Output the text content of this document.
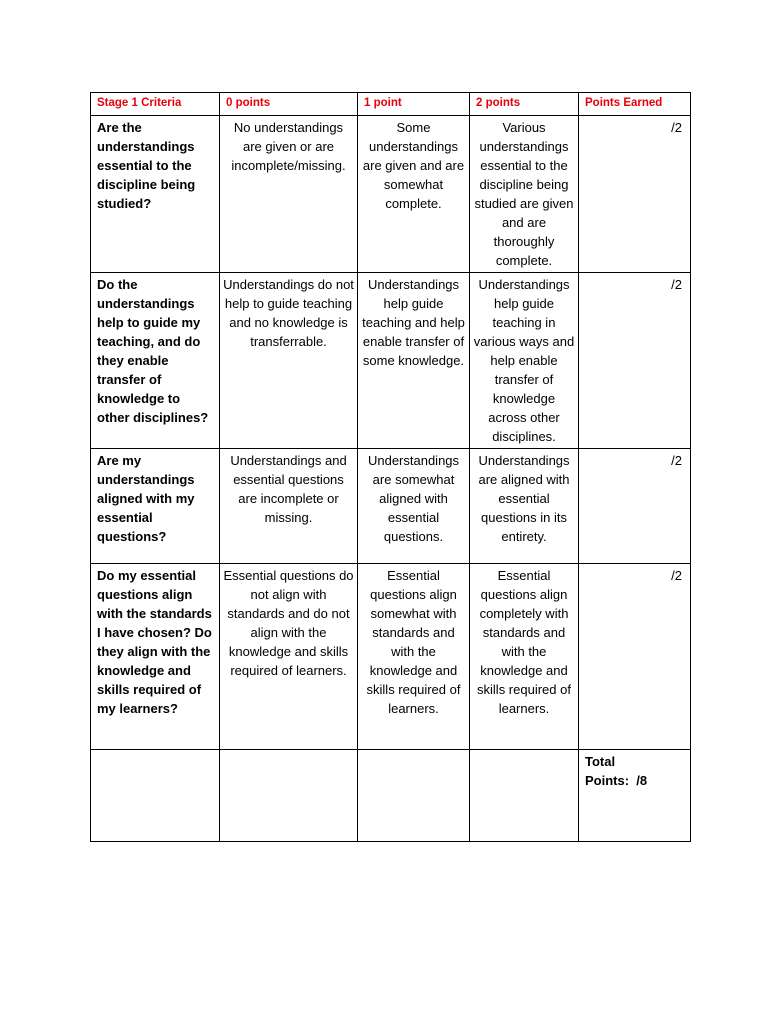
Stage 1 Criteria	0 points	1 point	2 points	Points Earned
Are the understandings essential to the discipline being studied?	No understandings are given or are incomplete/missing.	Some understandings are given and are somewhat complete.	Various understandings essential to the discipline being studied are given and are thoroughly complete.	/2
Do the understandings help to guide my teaching, and do they enable transfer of knowledge to other disciplines?	Understandings do not help to guide teaching and no knowledge is transferrable.	Understandings help guide teaching and help enable transfer of some knowledge.	Understandings help guide teaching in various ways and help enable transfer of knowledge across other disciplines.	/2
Are my understandings aligned with my essential questions?	Understandings and essential questions are incomplete or missing.	Understandings are somewhat aligned with essential questions.	Understandings are aligned with essential questions in its entirety.	/2
Do my essential questions align with the standards I have chosen? Do they align with the knowledge and skills required of my learners?	Essential questions do not align with standards and do not align with the knowledge and skills required of learners.	Essential questions align somewhat with standards and with the knowledge and skills required of learners.	Essential questions align completely with standards and with the knowledge and skills required of learners.	/2

				Total
Points:  /8
